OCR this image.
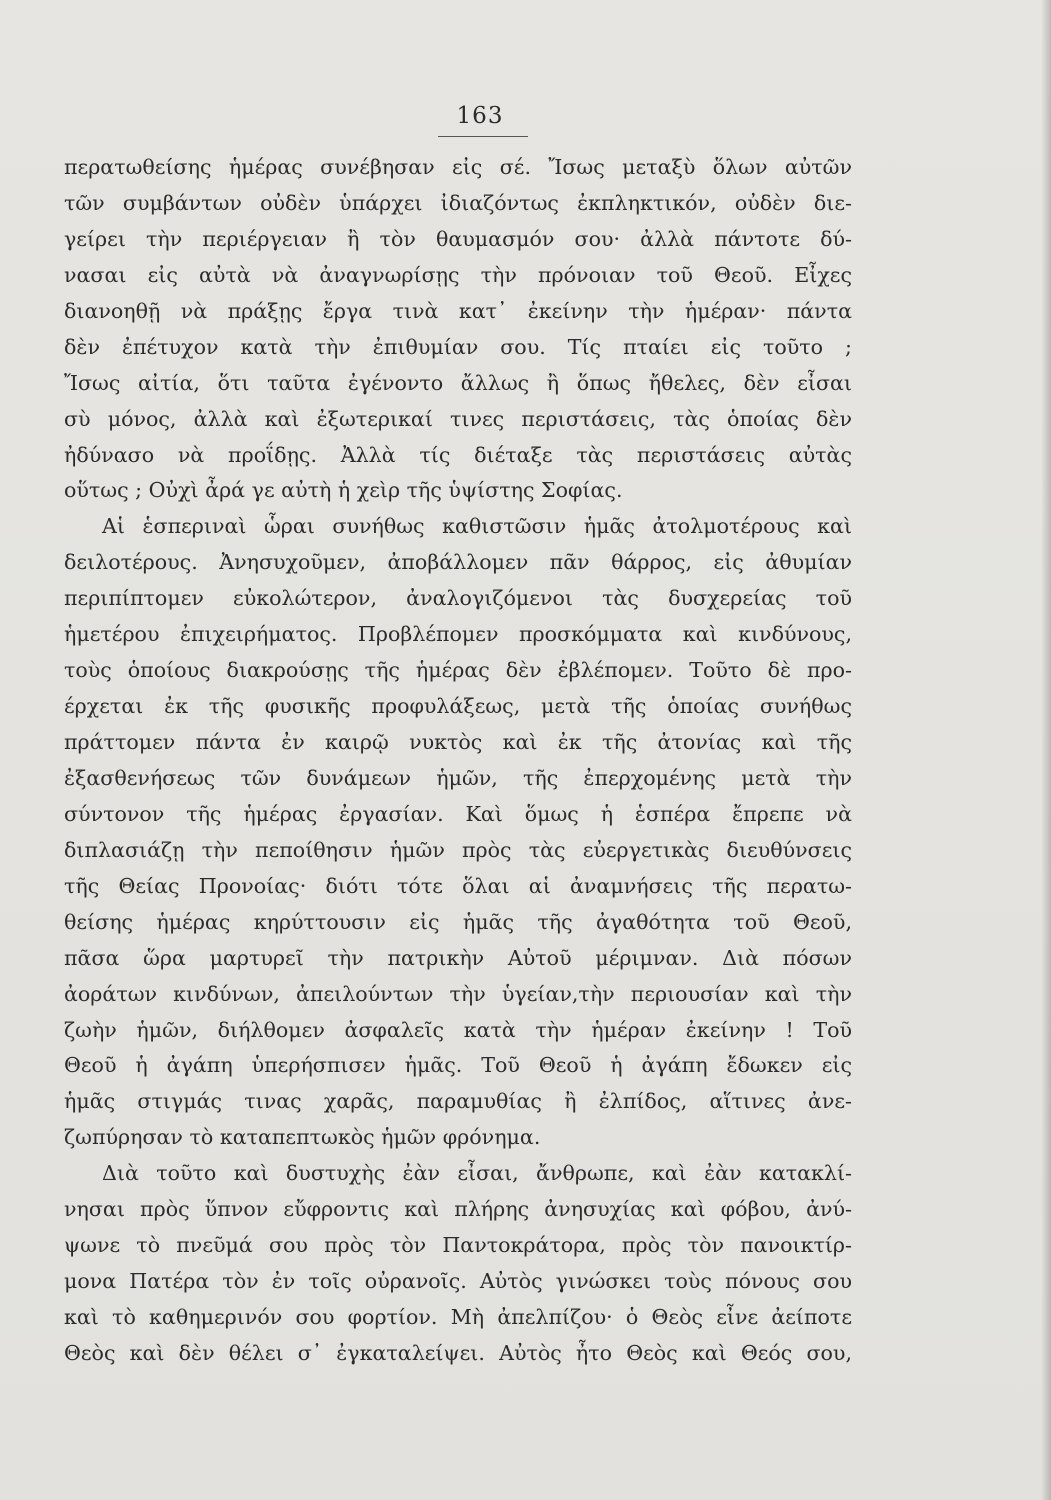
163
περατωθείσης ἡμέρας συνέβησαν εἰς σέ. Ἴσως μεταξὺ ὅλων αὐτῶν
τῶν συμβάντων οὐδὲν ὑπάρχει ἰδιαζόντως ἐκπληκτικόν, οὐδὲν διε-
γείρει τὴν περιέργειαν ἢ τὸν θαυμασμόν σου· ἀλλὰ πάντοτε δύ-
νασαι εἰς αὐτὰ νὰ ἀναγνωρίσῃς τὴν πρόνοιαν τοῦ Θεοῦ. Εἶχες
διανοηθῇ νὰ πράξῃς ἔργα τινὰ κατ᾽ ἐκείνην τὴν ἡμέραν· πάντα
δὲν ἐπέτυχον κατὰ τὴν ἐπιθυμίαν σου. Τίς πταίει εἰς τοῦτο ;
Ἴσως αἰτία, ὅτι ταῦτα ἐγένοντο ἄλλως ἢ ὅπως ἤθελες, δὲν εἶσαι
σὺ μόνος, ἀλλὰ καὶ ἐξωτερικαί τινες περιστάσεις, τὰς ὁποίας δὲν
ἠδύνασο νὰ προΐδῃς. Ἀλλὰ τίς διέταξε τὰς περιστάσεις αὐτὰς
οὕτως ; Οὐχὶ ἆρά γε αὐτὴ ἡ χεὶρ τῆς ὑψίστης Σοφίας.
Αἱ ἑσπεριναὶ ὧραι συνήθως καθιστῶσιν ἡμᾶς ἀτολμοτέρους καὶ
δειλοτέρους. Ἀνησυχοῦμεν, ἀποβάλλομεν πᾶν θάρρος, εἰς ἀθυμίαν
περιπίπτομεν εὐκολώτερον, ἀναλογιζόμενοι τὰς δυσχερείας τοῦ
ἡμετέρου ἐπιχειρήματος. Προβλέπομεν προσκόμματα καὶ κινδύνους,
τοὺς ὁποίους διακρούσῃς τῆς ἡμέρας δὲν ἐβλέπομεν. Τοῦτο δὲ προ-
έρχεται ἐκ τῆς φυσικῆς προφυλάξεως, μετὰ τῆς ὁποίας συνήθως
πράττομεν πάντα ἐν καιρῷ νυκτὸς καὶ ἐκ τῆς ἀτονίας καὶ τῆς
ἐξασθενήσεως τῶν δυνάμεων ἡμῶν, τῆς ἐπερχομένης μετὰ τὴν
σύντονον τῆς ἡμέρας ἐργασίαν. Καὶ ὅμως ἡ ἑσπέρα ἔπρεπε νὰ
διπλασιάζῃ τὴν πεποίθησιν ἡμῶν πρὸς τὰς εὐεργετικὰς διευθύνσεις
τῆς Θείας Προνοίας· διότι τότε ὅλαι αἱ ἀναμνήσεις τῆς περατω-
θείσης ἡμέρας κηρύττουσιν εἰς ἡμᾶς τῆς ἀγαθότητα τοῦ Θεοῦ,
πᾶσα ὥρα μαρτυρεῖ τὴν πατρικὴν Αὐτοῦ μέριμναν. Διὰ πόσων
ἀοράτων κινδύνων, ἀπειλούντων τὴν ὑγείαν,τὴν περιουσίαν καὶ τὴν
ζωὴν ἡμῶν, διήλθομεν ἀσφαλεῖς κατὰ τὴν ἡμέραν ἐκείνην ! Τοῦ
Θεοῦ ἡ ἀγάπη ὑπερήσπισεν ἡμᾶς. Τοῦ Θεοῦ ἡ ἀγάπη ἔδωκεν εἰς
ἡμᾶς στιγμάς τινας χαρᾶς, παραμυθίας ἢ ἐλπίδος, αἵτινες ἀνε-
ζωπύρησαν τὸ καταπεπτωκὸς ἡμῶν φρόνημα.
Διὰ τοῦτο καὶ δυστυχὴς ἐὰν εἶσαι, ἄνθρωπε, καὶ ἐὰν κατακλί-
νησαι πρὸς ὕπνον εὔφροντις καὶ πλήρης ἀνησυχίας καὶ φόβου, ἀνύ-
ψωνε τὸ πνεῦμά σου πρὸς τὸν Παντοκράτορα, πρὸς τὸν πανοικτίρ-
μονα Πατέρα τὸν ἐν τοῖς οὐρανοῖς. Αὐτὸς γινώσκει τοὺς πόνους σου
καὶ τὸ καθημερινόν σου φορτίον. Μὴ ἀπελπίζου· ὁ Θεὸς εἶνε ἀείποτε
Θεὸς καὶ δὲν θέλει σ᾽ ἐγκαταλείψει. Αὐτὸς ἦτο Θεὸς καὶ Θεός σου,
